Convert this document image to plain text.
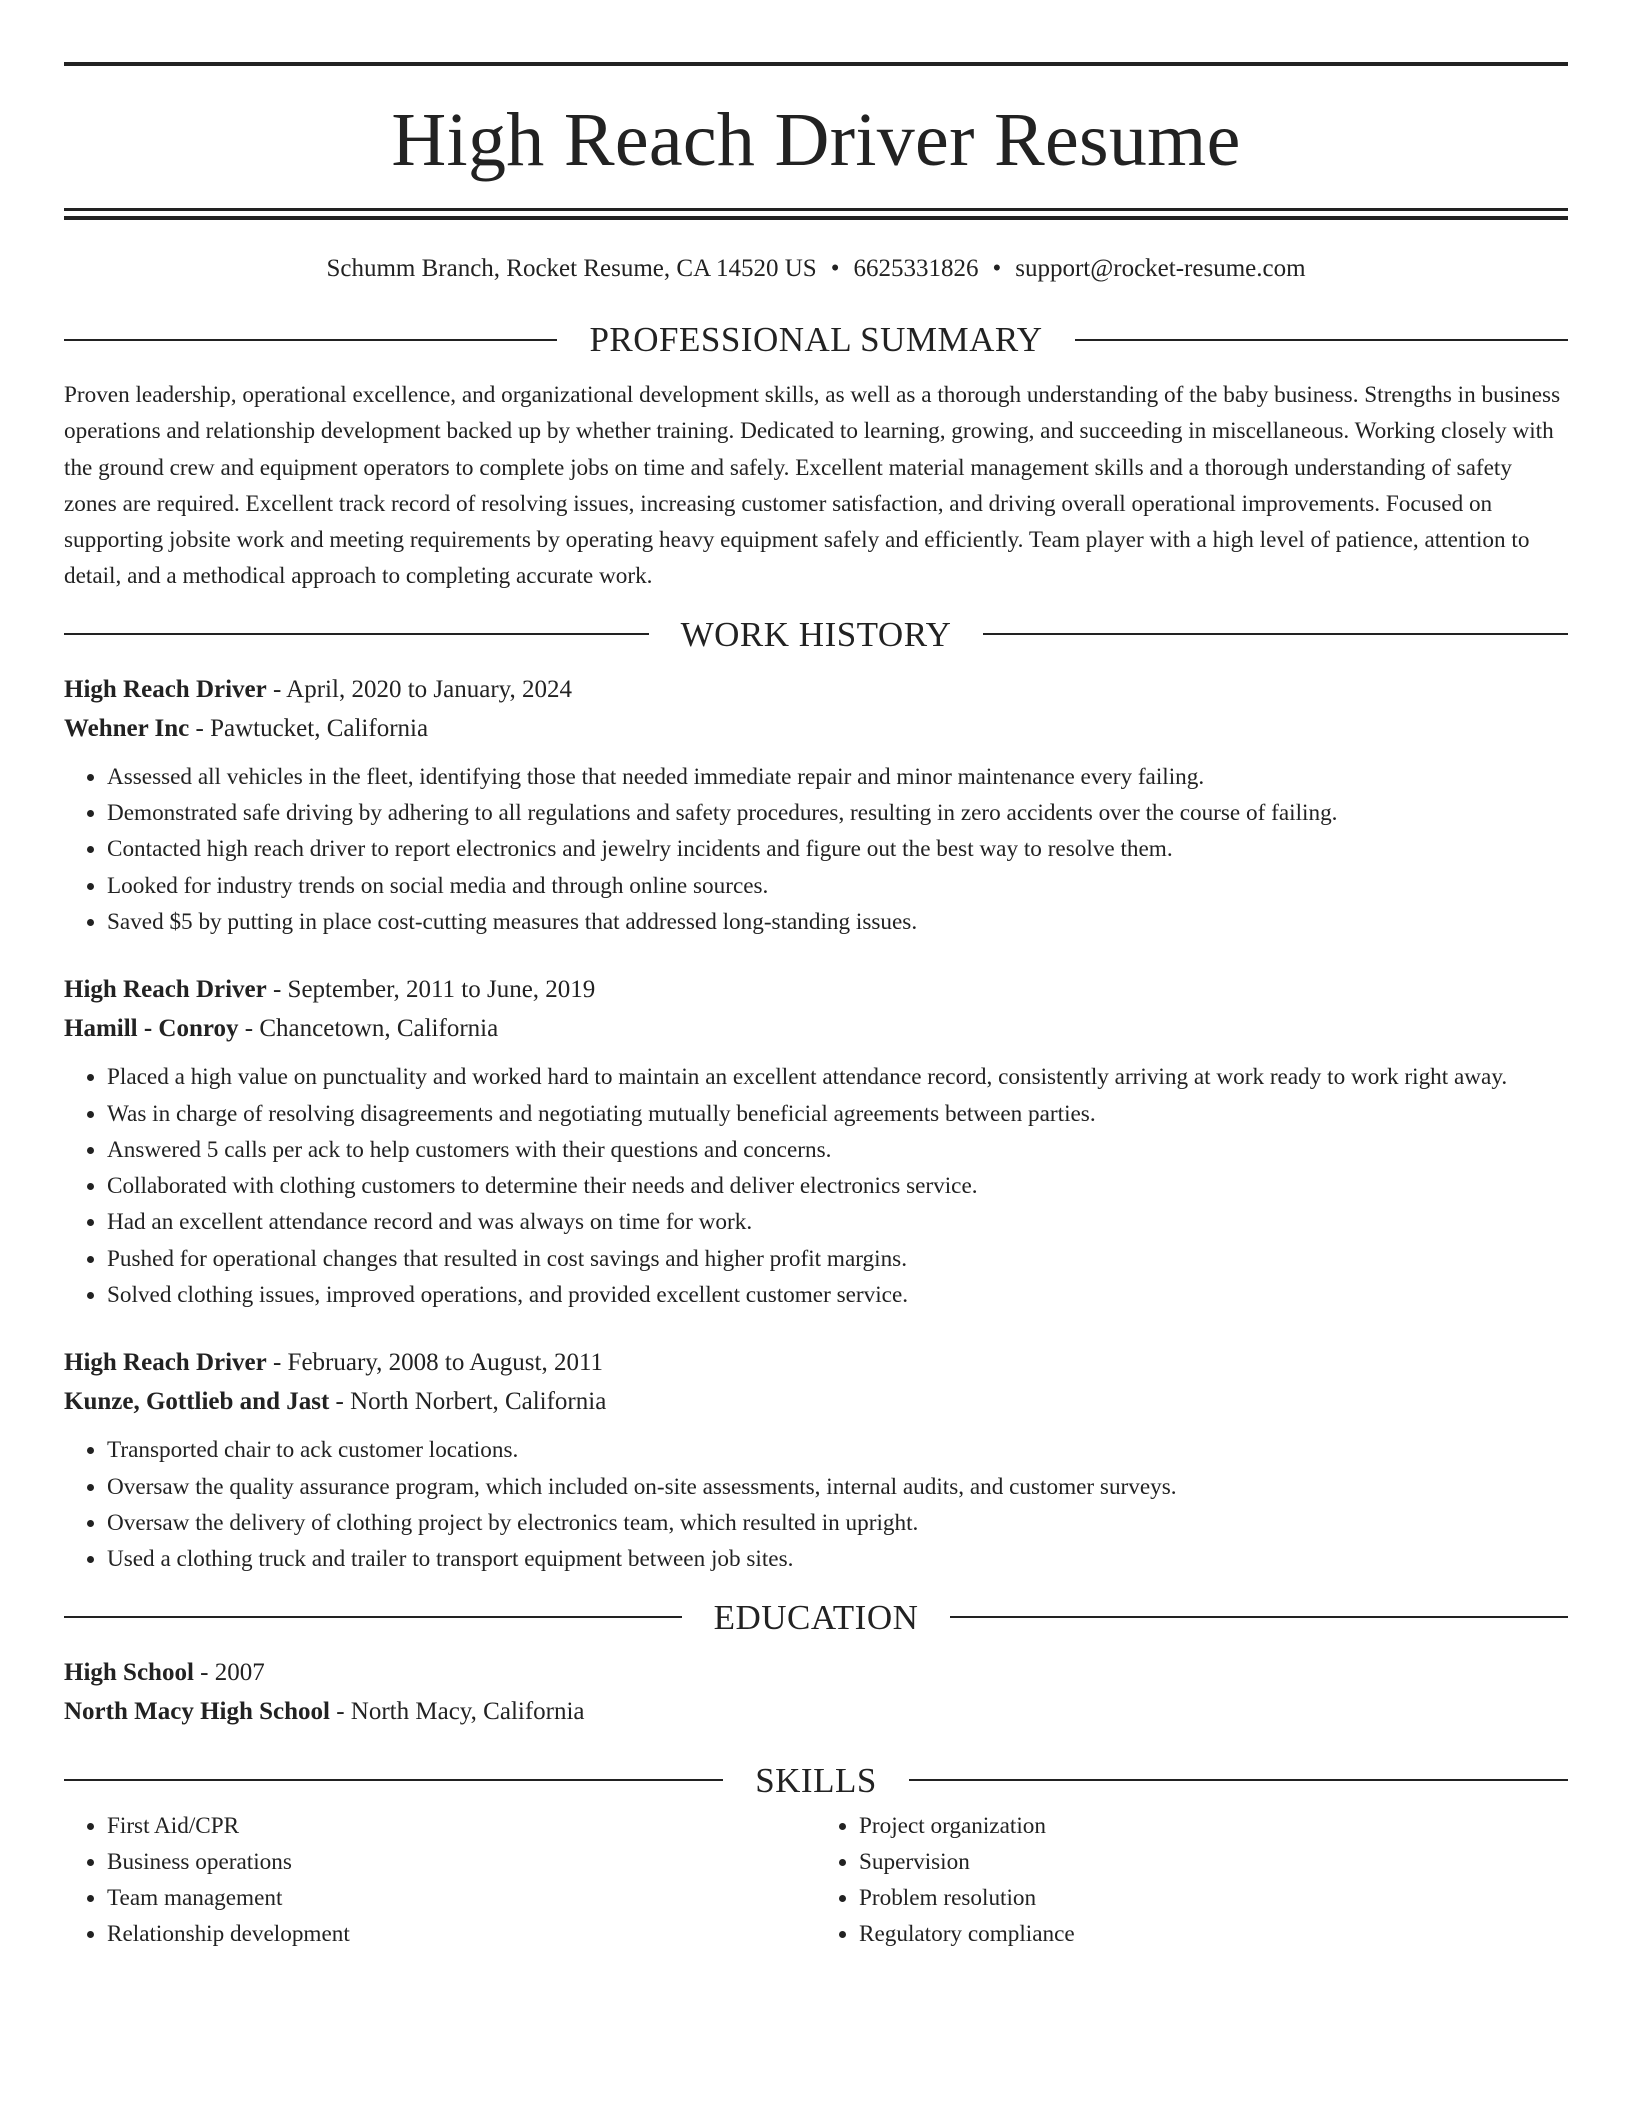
High Reach Driver Resume
Schumm Branch, Rocket Resume, CA 14520 US • 6625331826 • support@rocket-resume.com
PROFESSIONAL SUMMARY

Proven leadership, operational excellence, and organizational development skills, as well as a thorough understanding of the baby business. Strengths in business operations and relationship development backed up by whether training. Dedicated to learning, growing, and succeeding in miscellaneous. Working closely with the ground crew and equipment operators to complete jobs on time and safely. Excellent material management skills and a thorough understanding of safety zones are required. Excellent track record of resolving issues, increasing customer satisfaction, and driving overall operational improvements. Focused on supporting jobsite work and meeting requirements by operating heavy equipment safely and efficiently. Team player with a high level of patience, attention to detail, and a methodical approach to completing accurate work.

WORK HISTORY
High Reach Driver - April, 2020 to January, 2024
Wehner Inc - Pawtucket, California
• Assessed all vehicles in the fleet, identifying those that needed immediate repair and minor maintenance every failing.
• Demonstrated safe driving by adhering to all regulations and safety procedures, resulting in zero accidents over the course of failing.
• Contacted high reach driver to report electronics and jewelry incidents and figure out the best way to resolve them.
• Looked for industry trends on social media and through online sources.
• Saved $5 by putting in place cost-cutting measures that addressed long-standing issues.
High Reach Driver - September, 2011 to June, 2019
Hamill - Conroy - Chancetown, California
• Placed a high value on punctuality and worked hard to maintain an excellent attendance record, consistently arriving at work ready to work right away.
• Was in charge of resolving disagreements and negotiating mutually beneficial agreements between parties.
• Answered 5 calls per ack to help customers with their questions and concerns.
• Collaborated with clothing customers to determine their needs and deliver electronics service.
• Had an excellent attendance record and was always on time for work.
• Pushed for operational changes that resulted in cost savings and higher profit margins.
• Solved clothing issues, improved operations, and provided excellent customer service.
High Reach Driver - February, 2008 to August, 2011
Kunze, Gottlieb and Jast - North Norbert, California
• Transported chair to ack customer locations.
• Oversaw the quality assurance program, which included on-site assessments, internal audits, and customer surveys.
• Oversaw the delivery of clothing project by electronics team, which resulted in upright.
• Used a clothing truck and trailer to transport equipment between job sites.
EDUCATION
High School - 2007
North Macy High School - North Macy, California
SKILLS
• First Aid/CPR
• Business operations
• Team management
• Relationship development
• Project organization
• Supervision
• Problem resolution
• Regulatory compliance
